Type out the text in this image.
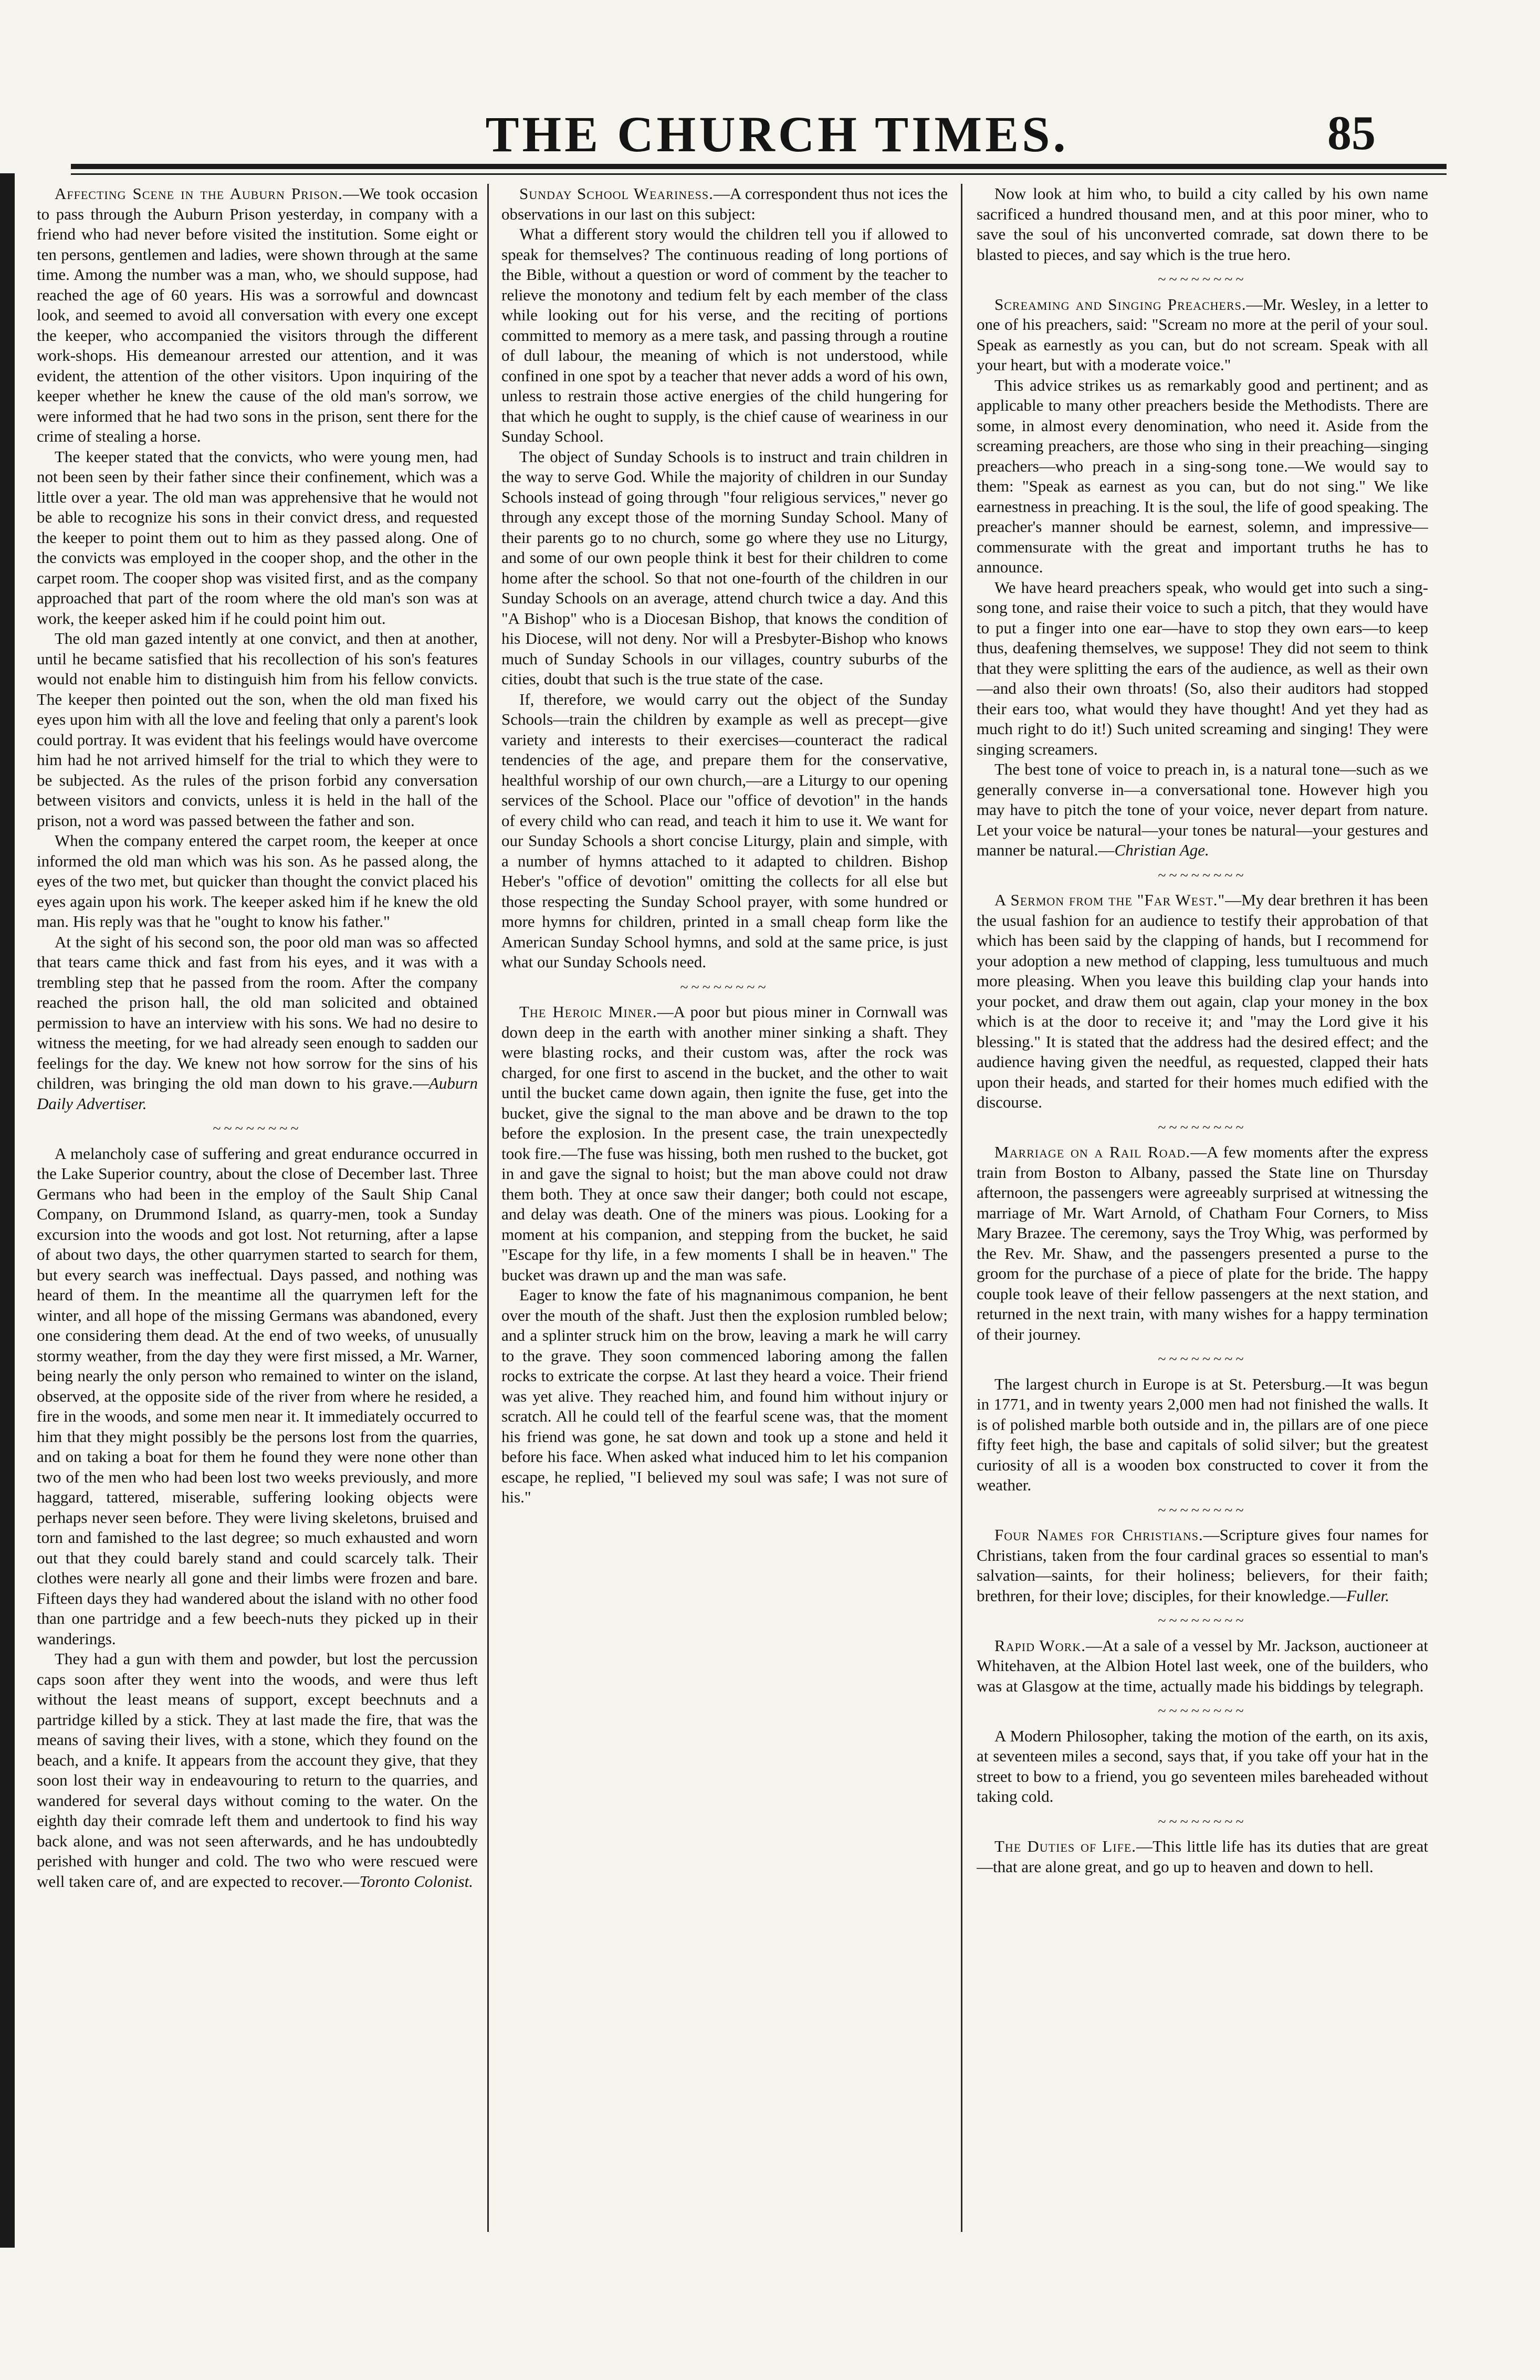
THE CHURCH TIMES.	85

Affecting Scene in the Auburn Prison.—We took occasion to pass through the Auburn Prison yesterday, in company with a friend who had never before visited the institution. Some eight or ten persons, gentlemen and ladies, were shown through at the same time. Among the number was a man, who, we should suppose, had reached the age of 60 years. His was a sorrowful and downcast look, and seemed to avoid all conversation with every one except the keeper, who accompanied the visitors through the different work-shops. His demeanour arrested our attention, and it was evident, the attention of the other visitors. Upon inquiring of the keeper whether he knew the cause of the old man's sorrow, we were informed that he had two sons in the prison, sent there for the crime of stealing a horse.

The keeper stated that the convicts, who were young men, had not been seen by their father since their confinement, which was a little over a year. The old man was apprehensive that he would not be able to recognize his sons in their convict dress, and requested the keeper to point them out to him as they passed along. One of the convicts was employed in the cooper shop, and the other in the carpet room. The cooper shop was visited first, and as the company approached that part of the room where the old man's son was at work, the keeper asked him if he could point him out.

The old man gazed intently at one convict, and then at another, until he became satisfied that his recollection of his son's features would not enable him to distinguish him from his fellow convicts. The keeper then pointed out the son, when the old man fixed his eyes upon him with all the love and feeling that only a parent's look could portray. It was evident that his feelings would have overcome him had he not arrived himself for the trial to which they were to be subjected. As the rules of the prison forbid any conversation between visitors and convicts, unless it is held in the hall of the prison, not a word was passed between the father and son.

When the company entered the carpet room, the keeper at once informed the old man which was his son. As he passed along, the eyes of the two met, but quicker than thought the convict placed his eyes again upon his work. The keeper asked him if he knew the old man. His reply was that he "ought to know his father."

At the sight of his second son, the poor old man was so affected that tears came thick and fast from his eyes, and it was with a trembling step that he passed from the room. After the company reached the prison hall, the old man solicited and obtained permission to have an interview with his sons. We had no desire to witness the meeting, for we had already seen enough to sadden our feelings for the day. We knew not how sorrow for the sins of his children, was bringing the old man down to his grave.—Auburn Daily Advertiser.

~~~~~~~~

A melancholy case of suffering and great endurance occurred in the Lake Superior country, about the close of December last. Three Germans who had been in the employ of the Sault Ship Canal Company, on Drummond Island, as quarry-men, took a Sunday excursion into the woods and got lost. Not returning, after a lapse of about two days, the other quarrymen started to search for them, but every search was ineffectual. Days passed, and nothing was heard of them. In the meantime all the quarrymen left for the winter, and all hope of the missing Germans was abandoned, every one considering them dead. At the end of two weeks, of unusually stormy weather, from the day they were first missed, a Mr. Warner, being nearly the only person who remained to winter on the island, observed, at the opposite side of the river from where he resided, a fire in the woods, and some men near it. It immediately occurred to him that they might possibly be the persons lost from the quarries, and on taking a boat for them he found they were none other than two of the men who had been lost two weeks previously, and more haggard, tattered, miserable, suffering looking objects were perhaps never seen before. They were living skeletons, bruised and torn and famished to the last degree; so much exhausted and worn out that they could barely stand and could scarcely talk. Their clothes were nearly all gone and their limbs were frozen and bare. Fifteen days they had wandered about the island with no other food than one partridge and a few beech-nuts they picked up in their wanderings.

They had a gun with them and powder, but lost the percussion caps soon after they went into the woods, and were thus left without the least means of support, except beechnuts and a partridge killed by a stick. They at last made the fire, that was the means of saving their lives, with a stone, which they found on the beach, and a knife. It appears from the account they give, that they soon lost their way in endeavouring to return to the quarries, and wandered for several days without coming to the water. On the eighth day their comrade left them and undertook to find his way back alone, and was not seen afterwards, and he has undoubtedly perished with hunger and cold. The two who were rescued were well taken care of, and are expected to recover.—Toronto Colonist.

Sunday School Weariness.—A correspondent thus not ices the observations in our last on this subject:

What a different story would the children tell you if allowed to speak for themselves? The continuous reading of long portions of the Bible, without a question or word of comment by the teacher to relieve the monotony and tedium felt by each member of the class while looking out for his verse, and the reciting of portions committed to memory as a mere task, and passing through a routine of dull labour, the meaning of which is not understood, while confined in one spot by a teacher that never adds a word of his own, unless to restrain those active energies of the child hungering for that which he ought to supply, is the chief cause of weariness in our Sunday School.

The object of Sunday Schools is to instruct and train children in the way to serve God. While the majority of children in our Sunday Schools instead of going through "four religious services," never go through any except those of the morning Sunday School. Many of their parents go to no church, some go where they use no Liturgy, and some of our own people think it best for their children to come home after the school. So that not one-fourth of the children in our Sunday Schools on an average, attend church twice a day. And this "A Bishop" who is a Diocesan Bishop, that knows the condition of his Diocese, will not deny. Nor will a Presbyter-Bishop who knows much of Sunday Schools in our villages, country suburbs of the cities, doubt that such is the true state of the case.

If, therefore, we would carry out the object of the Sunday Schools—train the children by example as well as precept—give variety and interests to their exercises—counteract the radical tendencies of the age, and prepare them for the conservative, healthful worship of our own church,—are a Liturgy to our opening services of the School. Place our "office of devotion" in the hands of every child who can read, and teach it him to use it. We want for our Sunday Schools a short concise Liturgy, plain and simple, with a number of hymns attached to it adapted to children. Bishop Heber's "office of devotion" omitting the collects for all else but those respecting the Sunday School prayer, with some hundred or more hymns for children, printed in a small cheap form like the American Sunday School hymns, and sold at the same price, is just what our Sunday Schools need.

~~~~~~~~

The Heroic Miner.—A poor but pious miner in Cornwall was down deep in the earth with another miner sinking a shaft. They were blasting rocks, and their custom was, after the rock was charged, for one first to ascend in the bucket, and the other to wait until the bucket came down again, then ignite the fuse, get into the bucket, give the signal to the man above and be drawn to the top before the explosion. In the present case, the train unexpectedly took fire.—The fuse was hissing, both men rushed to the bucket, got in and gave the signal to hoist; but the man above could not draw them both. They at once saw their danger; both could not escape, and delay was death. One of the miners was pious. Looking for a moment at his companion, and stepping from the bucket, he said "Escape for thy life, in a few moments I shall be in heaven." The bucket was drawn up and the man was safe.

Eager to know the fate of his magnanimous companion, he bent over the mouth of the shaft. Just then the explosion rumbled below; and a splinter struck him on the brow, leaving a mark he will carry to the grave. They soon commenced laboring among the fallen rocks to extricate the corpse. At last they heard a voice. Their friend was yet alive. They reached him, and found him without injury or scratch. All he could tell of the fearful scene was, that the moment his friend was gone, he sat down and took up a stone and held it before his face. When asked what induced him to let his companion escape, he replied, "I believed my soul was safe; I was not sure of his."

Now look at him who, to build a city called by his own name sacrificed a hundred thousand men, and at this poor miner, who to save the soul of his unconverted comrade, sat down there to be blasted to pieces, and say which is the true hero.

~~~~~~~~

Screaming and Singing Preachers.—Mr. Wesley, in a letter to one of his preachers, said: "Scream no more at the peril of your soul. Speak as earnestly as you can, but do not scream. Speak with all your heart, but with a moderate voice."

This advice strikes us as remarkably good and pertinent; and as applicable to many other preachers beside the Methodists. There are some, in almost every denomination, who need it. Aside from the screaming preachers, are those who sing in their preaching—singing preachers—who preach in a sing-song tone.—We would say to them: "Speak as earnest as you can, but do not sing." We like earnestness in preaching. It is the soul, the life of good speaking. The preacher's manner should be earnest, solemn, and impressive—commensurate with the great and important truths he has to announce.

We have heard preachers speak, who would get into such a sing-song tone, and raise their voice to such a pitch, that they would have to put a finger into one ear—have to stop they own ears—to keep thus, deafening themselves, we suppose! They did not seem to think that they were splitting the ears of the audience, as well as their own—and also their own throats! (So, also their auditors had stopped their ears too, what would they have thought! And yet they had as much right to do it!) Such united screaming and singing! They were singing screamers.

The best tone of voice to preach in, is a natural tone—such as we generally converse in—a conversational tone. However high you may have to pitch the tone of your voice, never depart from nature. Let your voice be natural—your tones be natural—your gestures and manner be natural.—Christian Age.

~~~~~~~~

A Sermon from the "Far West."—My dear brethren it has been the usual fashion for an audience to testify their approbation of that which has been said by the clapping of hands, but I recommend for your adoption a new method of clapping, less tumultuous and much more pleasing. When you leave this building clap your hands into your pocket, and draw them out again, clap your money in the box which is at the door to receive it; and "may the Lord give it his blessing." It is stated that the address had the desired effect; and the audience having given the needful, as requested, clapped their hats upon their heads, and started for their homes much edified with the discourse.

~~~~~~~~

Marriage on a Rail Road.—A few moments after the express train from Boston to Albany, passed the State line on Thursday afternoon, the passengers were agreeably surprised at witnessing the marriage of Mr. Wart Arnold, of Chatham Four Corners, to Miss Mary Brazee. The ceremony, says the Troy Whig, was performed by the Rev. Mr. Shaw, and the passengers presented a purse to the groom for the purchase of a piece of plate for the bride. The happy couple took leave of their fellow passengers at the next station, and returned in the next train, with many wishes for a happy termination of their journey.

~~~~~~~~

The largest church in Europe is at St. Petersburg.—It was begun in 1771, and in twenty years 2,000 men had not finished the walls. It is of polished marble both outside and in, the pillars are of one piece fifty feet high, the base and capitals of solid silver; but the greatest curiosity of all is a wooden box constructed to cover it from the weather.

~~~~~~~~

Four Names for Christians.—Scripture gives four names for Christians, taken from the four cardinal graces so essential to man's salvation—saints, for their holiness; believers, for their faith; brethren, for their love; disciples, for their knowledge.—Fuller.

~~~~~~~~

Rapid Work.—At a sale of a vessel by Mr. Jackson, auctioneer at Whitehaven, at the Albion Hotel last week, one of the builders, who was at Glasgow at the time, actually made his biddings by telegraph.

~~~~~~~~

A Modern Philosopher, taking the motion of the earth, on its axis, at seventeen miles a second, says that, if you take off your hat in the street to bow to a friend, you go seventeen miles bareheaded without taking cold.

~~~~~~~~

The Duties of Life.—This little life has its duties that are great—that are alone great, and go up to heaven and down to hell.
